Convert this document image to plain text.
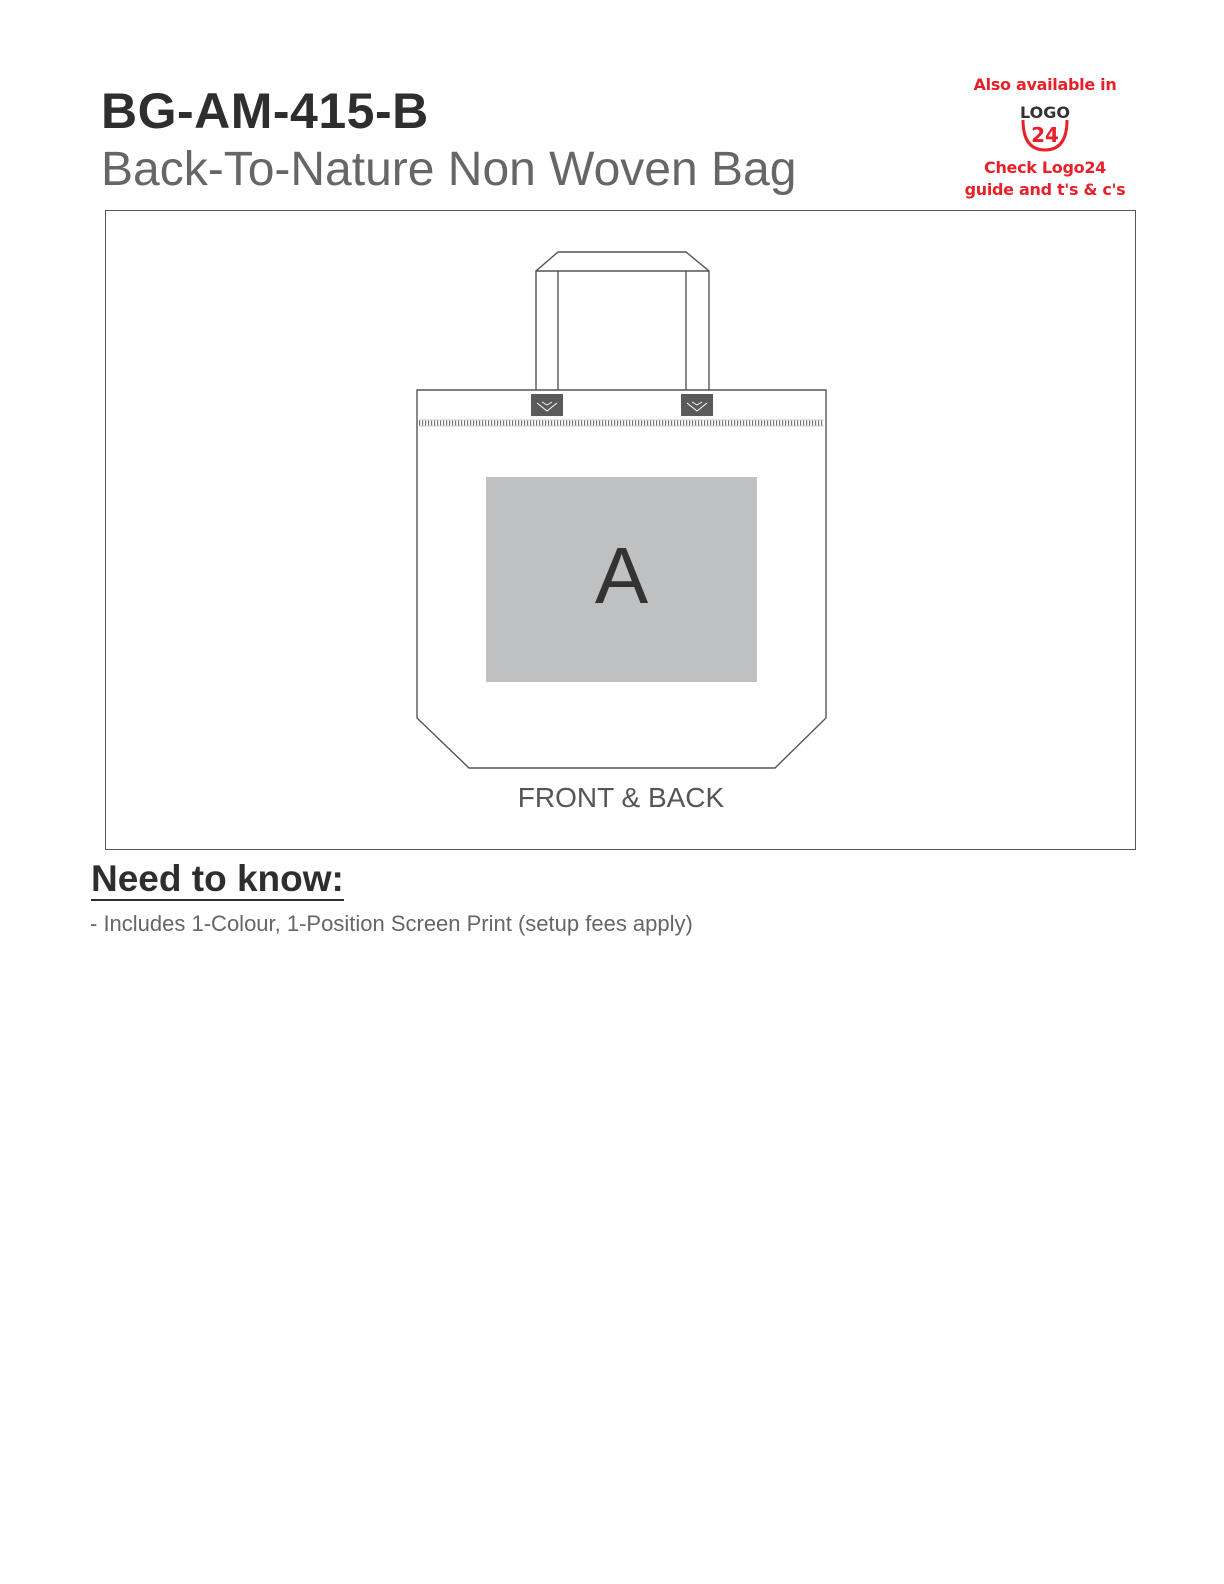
BG-AM-415-B
Back-To-Nature Non Woven Bag
Also available in
LOGO
24
Check Logo24
guide and t's & c's
A
FRONT & BACK
Need to know:
- Includes 1-Colour, 1-Position Screen Print (setup fees apply)
